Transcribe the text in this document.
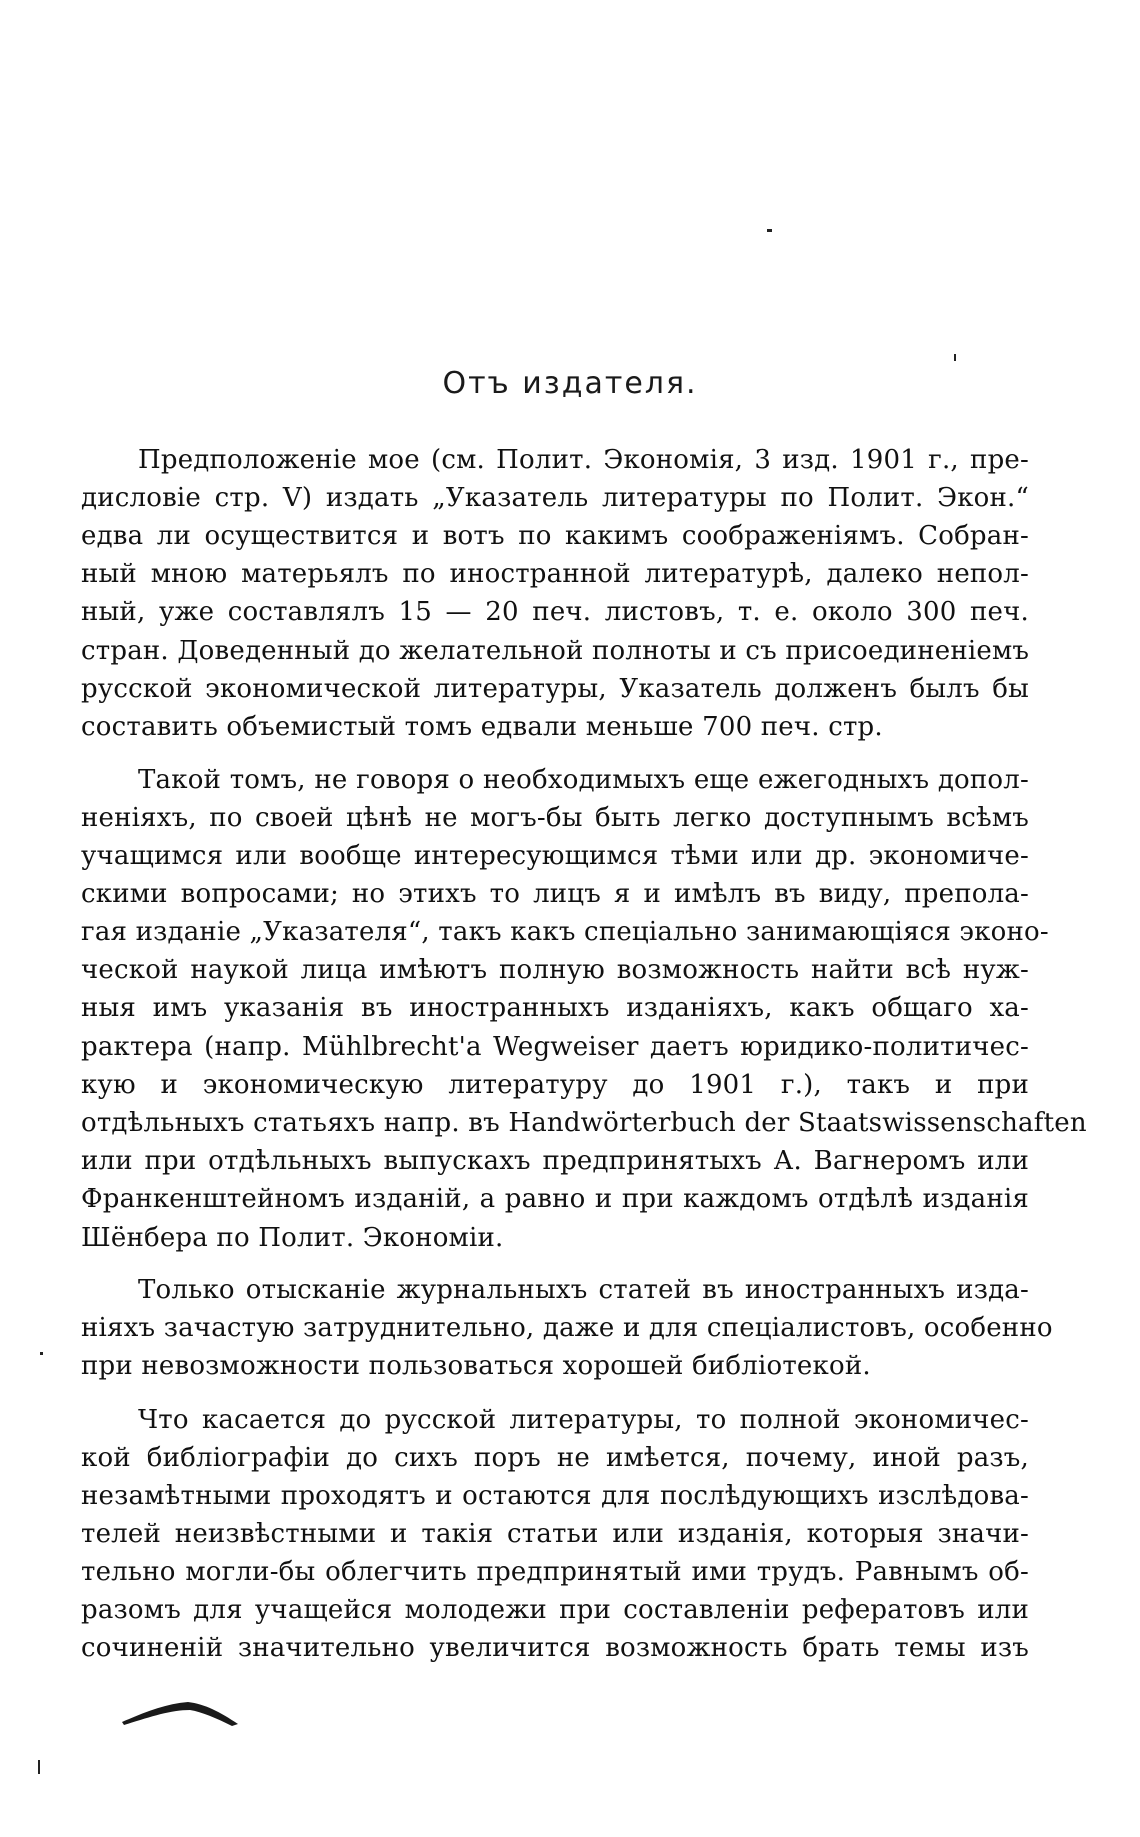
Отъ издателя.
Предположеніе мое (см. Полит. Экономія, 3 изд. 1901 г., пре-
дисловіе стр. V) издать „Указатель литературы по Полит. Экон.“
едва ли осуществится и вотъ по какимъ соображеніямъ. Собран-
ный мною матерьялъ по иностранной литературѣ, далеко непол-
ный, уже составлялъ 15 — 20 печ. листовъ, т. е. около 300 печ.
стран. Доведенный до желательной полноты и съ присоединеніемъ
русской экономической литературы, Указатель долженъ былъ бы
составить объемистый томъ едвали меньше 700 печ. стр.
Такой томъ, не говоря о необходимыхъ еще ежегодныхъ допол-
неніяхъ, по своей цѣнѣ не могъ-бы быть легко доступнымъ всѣмъ
учащимся или вообще интересующимся тѣми или др. экономиче-
скими вопросами; но этихъ то лицъ я и имѣлъ въ виду, препола-
гая изданіе „Указателя“, такъ какъ спеціально занимающіяся эконо-
ческой наукой лица имѣютъ полную возможность найти всѣ нуж-
ныя имъ указанія въ иностранныхъ изданіяхъ, какъ общаго ха-
рактера (напр. Mühlbrecht'a Wegweiser даетъ юридико-политичес-
кую и экономическую литературу до 1901 г.), такъ и при
отдѣльныхъ статьяхъ напр. въ Handwörterbuch der Staatswissenschaften
или при отдѣльныхъ выпускахъ предпринятыхъ А. Вагнеромъ или
Франкенштейномъ изданій, а равно и при каждомъ отдѣлѣ изданія
Шёнбера по Полит. Экономіи.
Только отысканіе журнальныхъ статей въ иностранныхъ изда-
ніяхъ зачастую затруднительно, даже и для спеціалистовъ, особенно
при невозможности пользоваться хорошей библіотекой.
Что касается до русской литературы, то полной экономичес-
кой библіографіи до сихъ поръ не имѣется, почему, иной разъ,
незамѣтными проходятъ и остаются для послѣдующихъ изслѣдова-
телей неизвѣстными и такія статьи или изданія, которыя значи-
тельно могли-бы облегчить предпринятый ими трудъ. Равнымъ об-
разомъ для учащейся молодежи при составленіи рефератовъ или
сочиненій значительно увеличится возможность брать темы изъ
